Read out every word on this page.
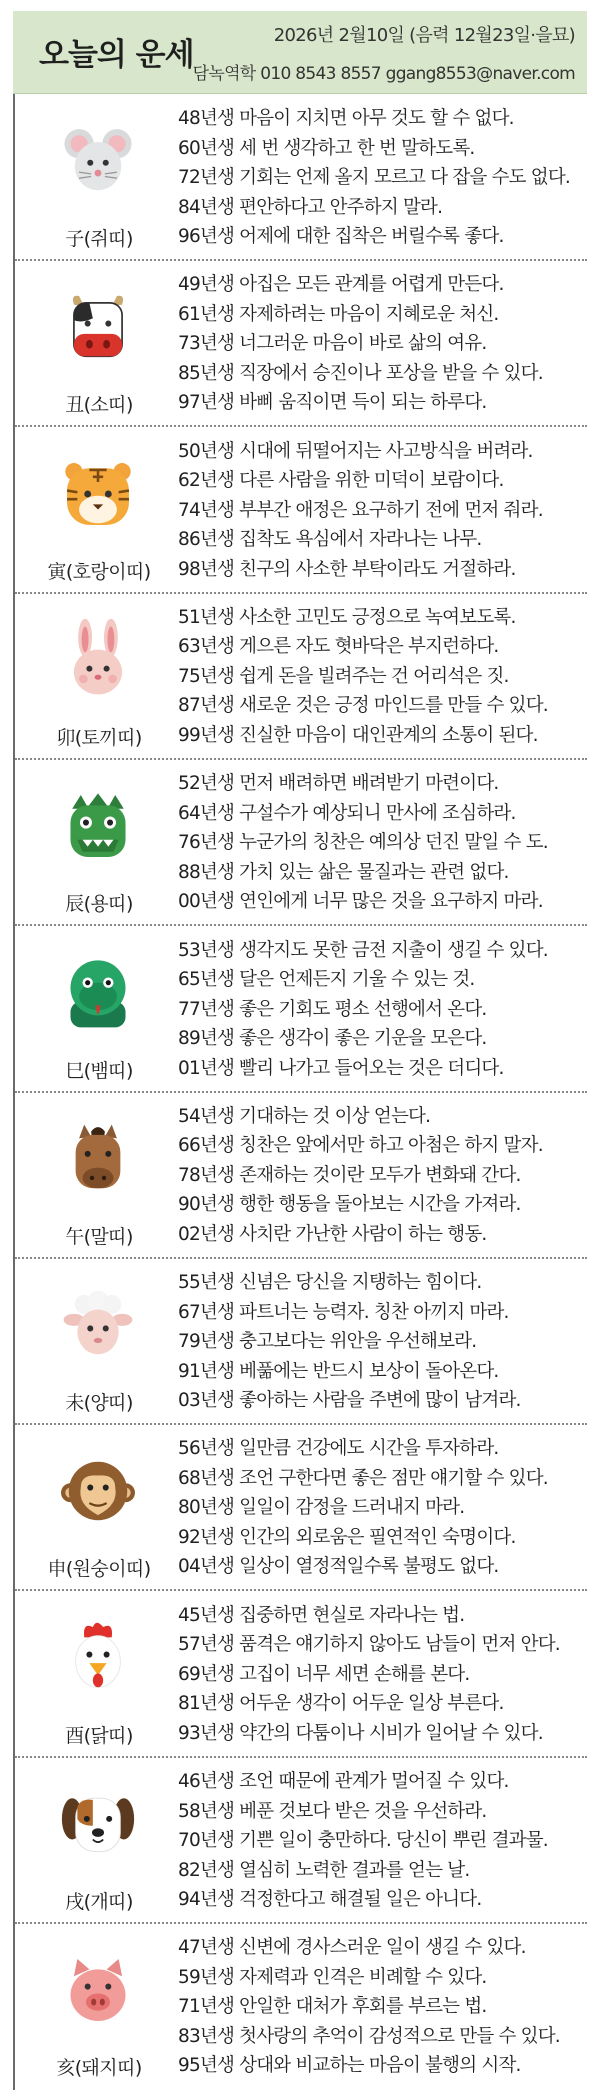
오늘의 운세
2026년 2월10일 (음력 12월23일·을묘)
담녹역학 010 8543 8557 ggang8553@naver.com
子(쥐띠)
48년생 마음이 지치면 아무 것도 할 수 없다.
60년생 세 번 생각하고 한 번 말하도록.
72년생 기회는 언제 올지 모르고 다 잡을 수도 없다.
84년생 편안하다고 안주하지 말라.
96년생 어제에 대한 집착은 버릴수록 좋다.
丑(소띠)
49년생 아집은 모든 관계를 어렵게 만든다.
61년생 자제하려는 마음이 지혜로운 처신.
73년생 너그러운 마음이 바로 삶의 여유.
85년생 직장에서 승진이나 포상을 받을 수 있다.
97년생 바삐 움직이면 득이 되는 하루다.
寅(호랑이띠)
50년생 시대에 뒤떨어지는 사고방식을 버려라.
62년생 다른 사람을 위한 미덕이 보람이다.
74년생 부부간 애정은 요구하기 전에 먼저 줘라.
86년생 집착도 욕심에서 자라나는 나무.
98년생 친구의 사소한 부탁이라도 거절하라.
卯(토끼띠)
51년생 사소한 고민도 긍정으로 녹여보도록.
63년생 게으른 자도 혓바닥은 부지런하다.
75년생 쉽게 돈을 빌려주는 건 어리석은 짓.
87년생 새로운 것은 긍정 마인드를 만들 수 있다.
99년생 진실한 마음이 대인관계의 소통이 된다.
辰(용띠)
52년생 먼저 배려하면 배려받기 마련이다.
64년생 구설수가 예상되니 만사에 조심하라.
76년생 누군가의 칭찬은 예의상 던진 말일 수 도.
88년생 가치 있는 삶은 물질과는 관련 없다.
00년생 연인에게 너무 많은 것을 요구하지 마라.
巳(뱀띠)
53년생 생각지도 못한 금전 지출이 생길 수 있다.
65년생 달은 언제든지 기울 수 있는 것.
77년생 좋은 기회도 평소 선행에서 온다.
89년생 좋은 생각이 좋은 기운을 모은다.
01년생 빨리 나가고 들어오는 것은 더디다.
午(말띠)
54년생 기대하는 것 이상 얻는다.
66년생 칭찬은 앞에서만 하고 아첨은 하지 말자.
78년생 존재하는 것이란 모두가 변화돼 간다.
90년생 행한 행동을 돌아보는 시간을 가져라.
02년생 사치란 가난한 사람이 하는 행동.
未(양띠)
55년생 신념은 당신을 지탱하는 힘이다.
67년생 파트너는 능력자. 칭찬 아끼지 마라.
79년생 충고보다는 위안을 우선해보라.
91년생 베풂에는 반드시 보상이 돌아온다.
03년생 좋아하는 사람을 주변에 많이 남겨라.
申(원숭이띠)
56년생 일만큼 건강에도 시간을 투자하라.
68년생 조언 구한다면 좋은 점만 얘기할 수 있다.
80년생 일일이 감정을 드러내지 마라.
92년생 인간의 외로움은 필연적인 숙명이다.
04년생 일상이 열정적일수록 불평도 없다.
酉(닭띠)
45년생 집중하면 현실로 자라나는 법.
57년생 품격은 얘기하지 않아도 남들이 먼저 안다.
69년생 고집이 너무 세면 손해를 본다.
81년생 어두운 생각이 어두운 일상 부른다.
93년생 약간의 다툼이나 시비가 일어날 수 있다.
戌(개띠)
46년생 조언 때문에 관계가 멀어질 수 있다.
58년생 베푼 것보다 받은 것을 우선하라.
70년생 기쁜 일이 충만하다. 당신이 뿌린 결과물.
82년생 열심히 노력한 결과를 얻는 날.
94년생 걱정한다고 해결될 일은 아니다.
亥(돼지띠)
47년생 신변에 경사스러운 일이 생길 수 있다.
59년생 자제력과 인격은 비례할 수 있다.
71년생 안일한 대처가 후회를 부르는 법.
83년생 첫사랑의 추억이 감성적으로 만들 수 있다.
95년생 상대와 비교하는 마음이 불행의 시작.
